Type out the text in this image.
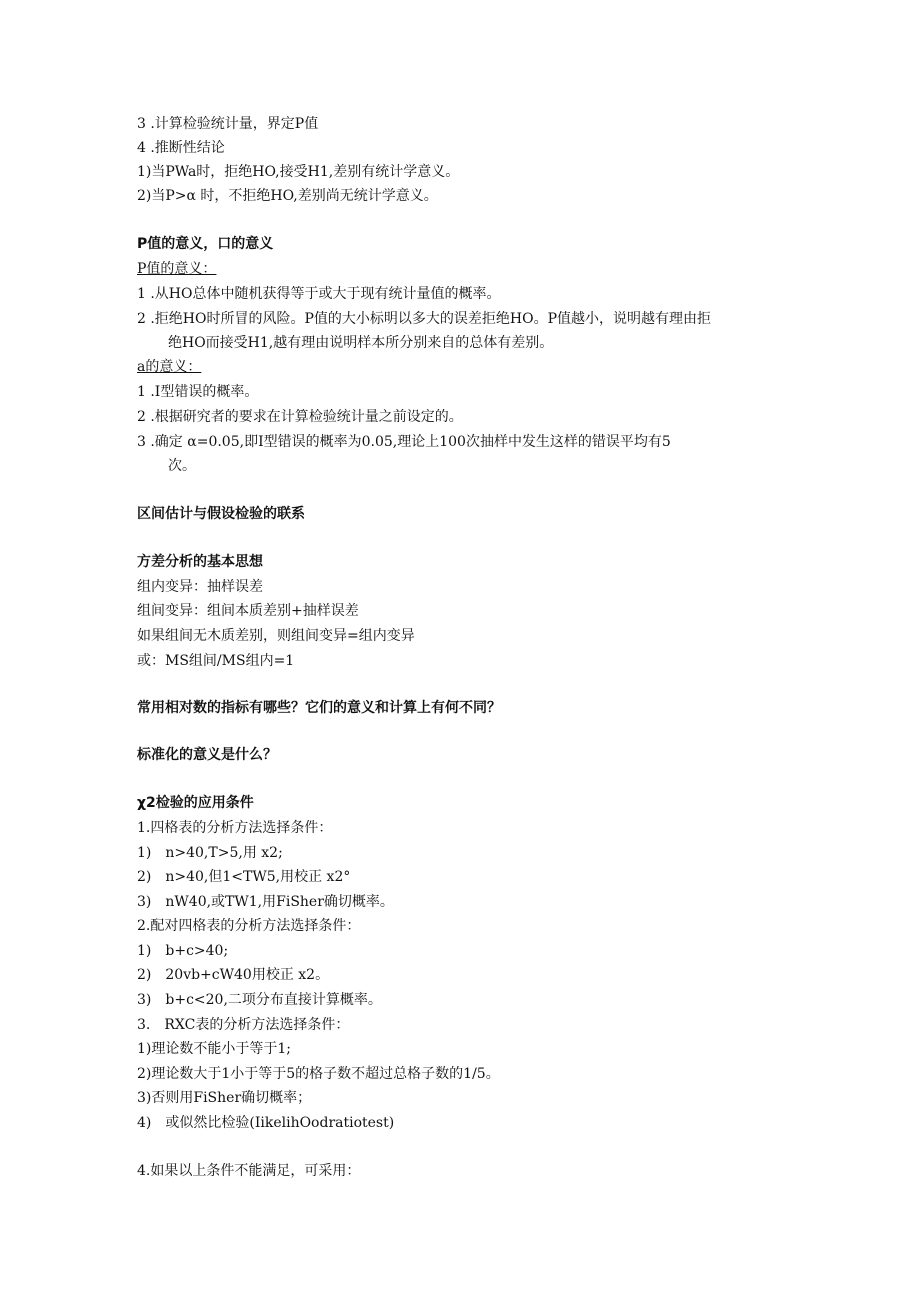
3 .计算检验统计量，界定P值
4 .推断性结论
1)当PWa时，拒绝HO,接受H1,差别有统计学意义。
2)当P>α 时，不拒绝HO,差别尚无统计学意义。
P值的意义，口的意义
P值的意义：
1 .从HO总体中随机获得等于或大于现有统计量值的概率。
2 .拒绝HO时所冒的风险。P值的大小标明以多大的误差拒绝HO。P值越小，说明越有理由拒
绝HO而接受H1,越有理由说明样本所分别来自的总体有差别。
a的意义：
1 .I型错误的概率。
2 .根据研究者的要求在计算检验统计量之前设定的。
3 .确定 α=0.05,即I型错误的概率为0.05,理论上100次抽样中发生这样的错误平均有5
次。
区间估计与假设检验的联系
方差分析的基本思想
组内变异：抽样误差
组间变异：组间本质差别+抽样误差
如果组间无木质差别，则组间变异=组内变异
或：MS组间/MS组内=1
常用相对数的指标有哪些？它们的意义和计算上有何不同？
标准化的意义是什么？
χ2检验的应用条件
1.四格表的分析方法选择条件：
1) n>40,T>5,用 x2;
2) n>40,但1<TW5,用校正 x2°
3) nW40,或TW1,用FiSher确切概率。
2.配对四格表的分析方法选择条件：
1) b+c>40;
2) 20vb+cW40用校正 x2。
3) b+c<20,二项分布直接计算概率。
3. RXC表的分析方法选择条件：
1)理论数不能小于等于1;
2)理论数大于1小于等于5的格子数不超过总格子数的1/5。
3)否则用FiSher确切概率；
4) 或似然比检验(IikelihOodratiotest)
4.如果以上条件不能满足，可采用：
